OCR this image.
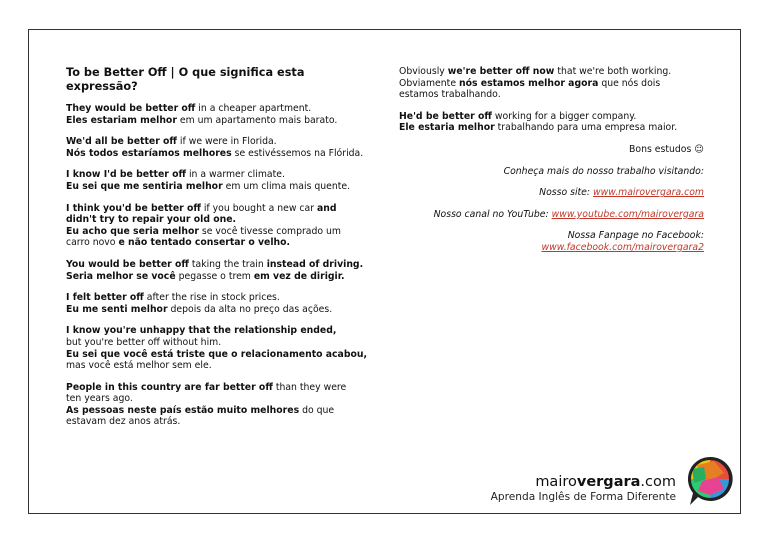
To be Better Off | O que significa esta expressão?
They would be better off in a cheaper apartment.
Eles estariam melhor em um apartamento mais barato.
We'd all be better off if we were in Florida.
Nós todos estaríamos melhores se estivéssemos na Flórida.
I know I'd be better off in a warmer climate.
Eu sei que me sentiria melhor em um clima mais quente.
I think you'd be better off if you bought a new car and
didn't try to repair your old one.
Eu acho que seria melhor se você tivesse comprado um
carro novo e não tentado consertar o velho.
You would be better off taking the train instead of driving.
Seria melhor se você pegasse o trem em vez de dirigir.
I felt better off after the rise in stock prices.
Eu me senti melhor depois da alta no preço das ações.
I know you're unhappy that the relationship ended,
but you're better off without him.
Eu sei que você está triste que o relacionamento acabou,
mas você está melhor sem ele.
People in this country are far better off than they were
ten years ago.
As pessoas neste país estão muito melhores do que
estavam dez anos atrás.
Obviously we're better off now that we're both working.
Obviamente nós estamos melhor agora que nós dois
estamos trabalhando.
He'd be better off working for a bigger company.
Ele estaria melhor trabalhando para uma empresa maior.
Bons estudos ☺
Conheça mais do nosso trabalho visitando:
Nosso site: www.mairovergara.com
Nosso canal no YouTube: www.youtube.com/mairovergara
Nossa Fanpage no Facebook:
www.facebook.com/mairovergara2
mairovergara.com
Aprenda Inglês de Forma Diferente
